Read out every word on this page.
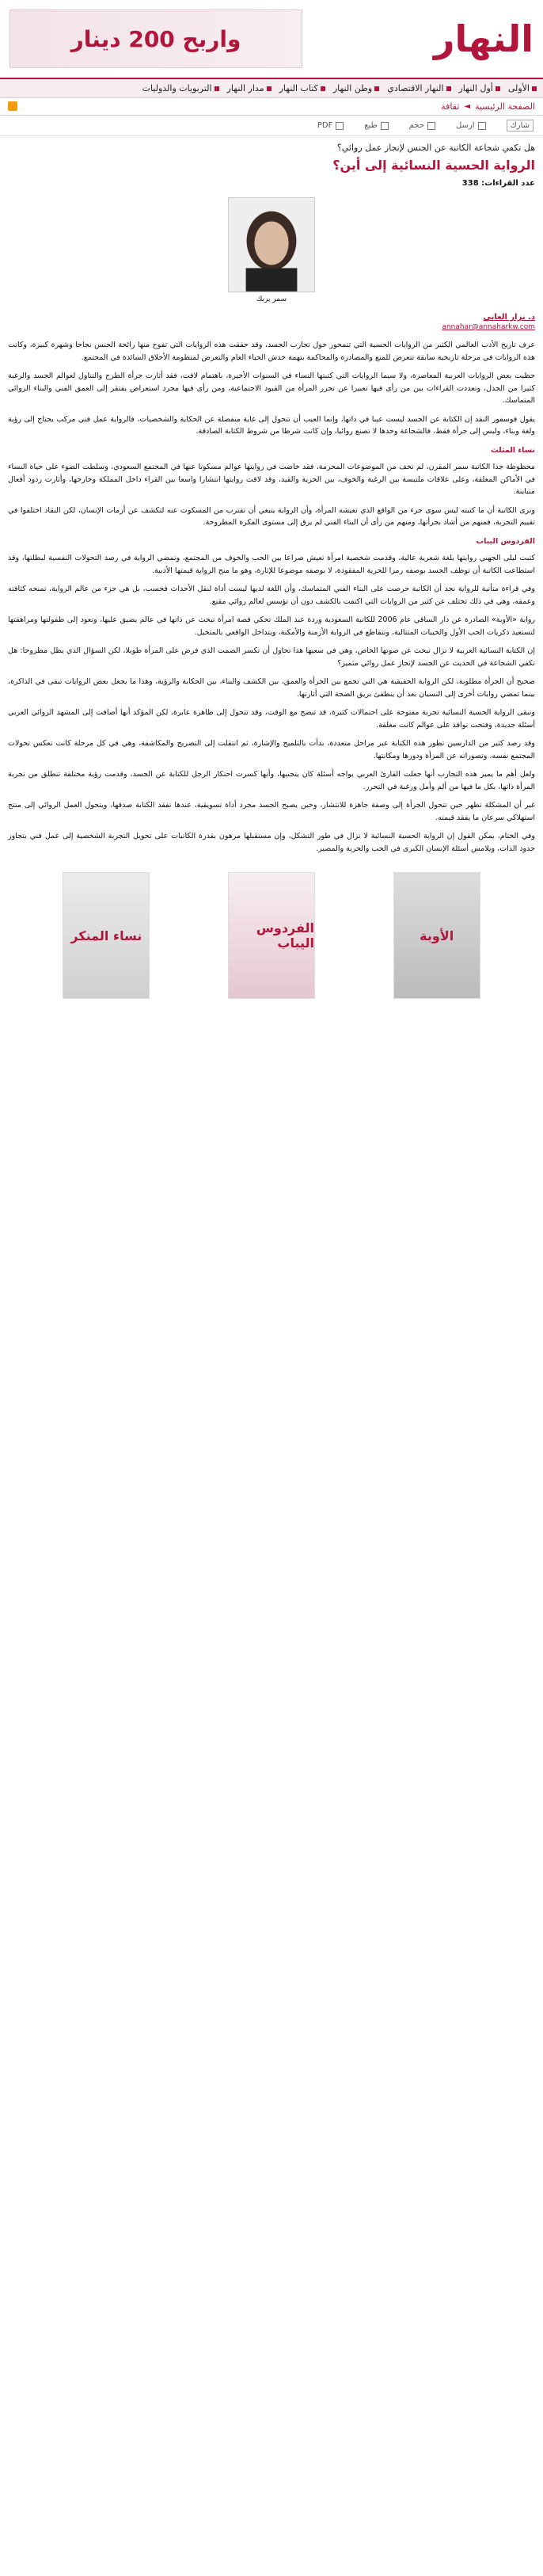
النهار
واربح 200 دينار
الأولى
أول النهار
النهار الاقتصادي
وطن النهار
كتاب النهار
مدار النهار
التربويات والدوليات
الصفحة الرئيسية
◄
ثقافة
شارك
ارسل
حجم
طبع
PDF
هل تكفي شجاعة الكاتبة عن الجنس لإنجاز عمل روائي؟
الرواية الحسية النسائية إلى أين؟
عدد القراءات: 338
سمر يزبك
د. نزار العاني
annahar@annaharkw.com

عرف تاريخ الأدب العالمي الكثير من الروايات الحسية التي تتمحور حول تجارب الجسد، وقد حققت هذه الروايات التي تفوح منها رائحة الجنس نجاحا وشهرة كبيرة، وكانت هذه الروايات في مرحلة تاريخية سابقة تتعرض للمنع والمصادرة والمحاكمة بتهمة خدش الحياء العام والتعرض لمنظومة الأخلاق السائدة في المجتمع.

حظيت بعض الروايات العربية المعاصرة، ولا سيما الروايات التي كتبتها النساء في السنوات الأخيرة، باهتمام لافت، فقد أثارت جرأة الطرح والتناول لعوالم الجسد والرغبة كثيرا من الجدل، وتعددت القراءات بين من رأى فيها تعبيرا عن تحرر المرأة من القيود الاجتماعية، ومن رأى فيها مجرد استعراض يفتقر إلى العمق الفني والبناء الروائي المتماسك.

يقول فوسفور النقد إن الكتابة عن الجسد ليست عيبا في ذاتها، وإنما العيب أن تتحول إلى غاية منفصلة عن الحكاية والشخصيات، فالرواية عمل فني مركب يحتاج إلى رؤية ولغة وبناء، وليس إلى جرأة فقط، فالشجاعة وحدها لا تصنع روائيا، وإن كانت شرطا من شروط الكتابة الصادقة.

نساء المثلث

محظوظة جدا الكاتبة سمر المقرن، لم تخف من الموضوعات المحرمة، فقد خاضت في روايتها عوالم مسكوتا عنها في المجتمع السعودي، وسلطت الضوء على حياة النساء في الأماكن المغلقة، وعلى علاقات ملتبسة بين الرغبة والخوف، بين الحرية والقيد، وقد لاقت روايتها انتشارا واسعا بين القراء داخل المملكة وخارجها، وأثارت ردود أفعال متباينة.

وترى الكاتبة أن ما كتبته ليس سوى جزء من الواقع الذي تعيشه المرأة، وأن الرواية ينبغي أن تقترب من المسكوت عنه لتكشف عن أزمات الإنسان، لكن النقاد اختلفوا في تقييم التجربة، فمنهم من أشاد بجرأتها، ومنهم من رأى أن البناء الفني لم يرق إلى مستوى الفكرة المطروحة.

الفردوس اليباب

كتبت ليلى الجهني روايتها بلغة شعرية عالية، وقدمت شخصية امرأة تعيش صراعا بين الحب والخوف من المجتمع، وتمضي الرواية في رصد التحولات النفسية لبطلتها، وقد استطاعت الكاتبة أن توظف الجسد بوصفه رمزا للحرية المفقودة، لا بوصفه موضوعا للإثارة، وهو ما منح الرواية قيمتها الأدبية.

وفي قراءة متأنية للرواية نجد أن الكاتبة حرصت على البناء الفني المتماسك، وأن اللغة لديها ليست أداة لنقل الأحداث فحسب، بل هي جزء من عالم الرواية، تمنحه كثافته وعمقه، وهي في ذلك تختلف عن كثير من الروايات التي اكتفت بالكشف دون أن تؤسس لعالم روائي مقنع.

رواية «الأوبة» الصادرة عن دار الساقي عام 2006 للكاتبة السعودية وردة عبد الملك تحكي قصة امرأة تبحث عن ذاتها في عالم يضيق عليها، وتعود إلى طفولتها ومراهقتها لتستعيد ذكريات الحب الأول والخيبات المتتالية، وتتقاطع في الرواية الأزمنة والأمكنة، ويتداخل الواقعي بالمتخيل.

إن الكتابة النسائية العربية لا تزال تبحث عن صوتها الخاص، وهي في سعيها هذا تحاول أن تكسر الصمت الذي فرض على المرأة طويلا، لكن السؤال الذي يظل مطروحا: هل تكفي الشجاعة في الحديث عن الجسد لإنجاز عمل روائي متميز؟

صحيح أن الجرأة مطلوبة، لكن الرواية الحقيقية هي التي تجمع بين الجرأة والعمق، بين الكشف والبناء، بين الحكاية والرؤية، وهذا ما يجعل بعض الروايات تبقى في الذاكرة، بينما تمضي روايات أخرى إلى النسيان بعد أن ينطفئ بريق الضجة التي أثارتها.

وتبقى الرواية الحسية النسائية تجربة مفتوحة على احتمالات كثيرة، قد تنضج مع الوقت، وقد تتحول إلى ظاهرة عابرة، لكن المؤكد أنها أضافت إلى المشهد الروائي العربي أسئلة جديدة، وفتحت نوافذ على عوالم كانت مغلقة.

وقد رصد كثير من الدارسين تطور هذه الكتابة عبر مراحل متعددة، بدأت بالتلميح والإشارة، ثم انتقلت إلى التصريح والمكاشفة، وهي في كل مرحلة كانت تعكس تحولات المجتمع نفسه، وتصوراته عن المرأة ودورها ومكانتها.

ولعل أهم ما يميز هذه التجارب أنها جعلت القارئ العربي يواجه أسئلة كان يتجنبها، وأنها كسرت احتكار الرجل للكتابة عن الجسد، وقدمت رؤية مختلفة تنطلق من تجربة المرأة ذاتها، بكل ما فيها من ألم وأمل ورغبة في التحرر.

غير أن المشكلة تظهر حين تتحول الجرأة إلى وصفة جاهزة للانتشار، وحين يصبح الجسد مجرد أداة تسويقية، عندها تفقد الكتابة صدقها، ويتحول العمل الروائي إلى منتج استهلاكي سرعان ما يفقد قيمته.

وفي الختام، يمكن القول إن الرواية الحسية النسائية لا تزال في طور التشكل، وإن مستقبلها مرهون بقدرة الكاتبات على تحويل التجربة الشخصية إلى عمل فني يتجاوز حدود الذات، ويلامس أسئلة الإنسان الكبرى في الحب والحرية والمصير.

الأوبة
الفردوس اليباب
نساء المنكر
